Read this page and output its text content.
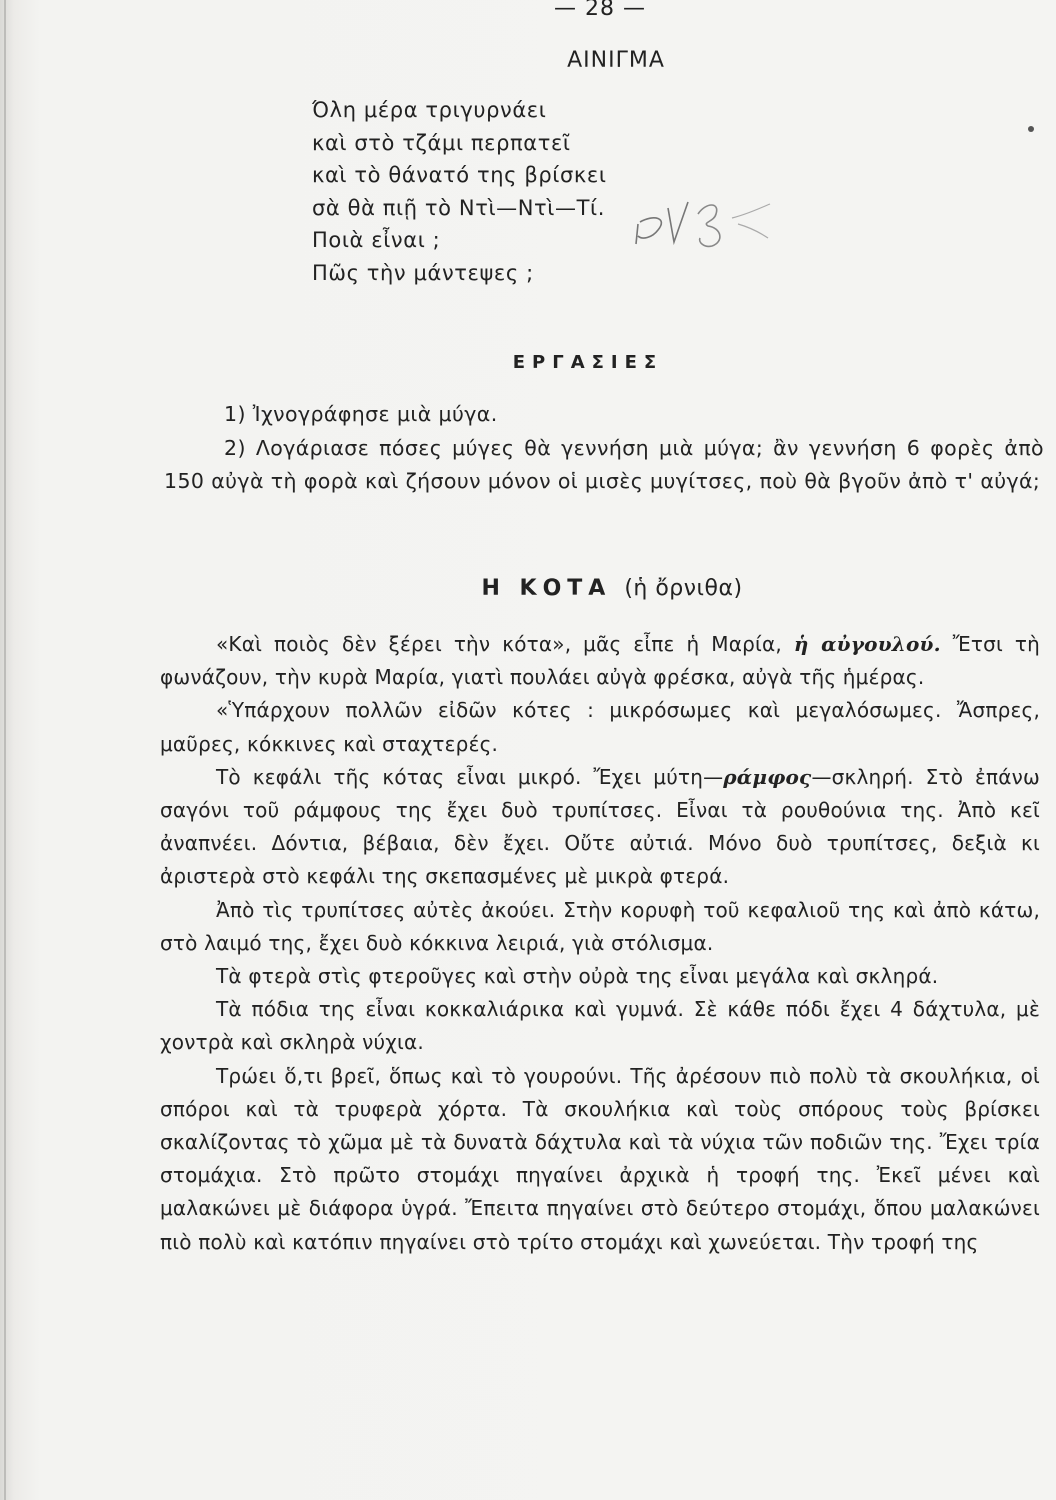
— 28 —
ΑΙΝΙΓΜΑ
Όλη μέρα τριγυρνάει
καὶ στὸ τζάμι περπατεῖ
καὶ τὸ θάνατό της βρίσκει
σὰ θὰ πιῇ τὸ Ντὶ—Ντὶ—Τί.
Ποιὰ εἶναι ;
Πῶς τὴν μάντεψες ;
ΕΡΓΑΣΙΕΣ
1) Ἰχνογράφησε μιὰ μύγα.
2) Λογάριασε πόσες μύγες θὰ γεννήση μιὰ μύγα; ἂν γεννήση 6 φορὲς ἀπὸ 150 αὐγὰ τὴ φορὰ καὶ ζήσουν μόνον οἱ μισὲς μυγίτσες, ποὺ θὰ βγοῦν ἀπὸ τ' αὐγά;
Η ΚΟΤΑ (ἡ ὄρνιθα)

«Καὶ ποιὸς δὲν ξέρει τὴν κότα», μᾶς εἶπε ἡ Μαρία, ἡ αὐγουλού. Ἔτσι τὴ φωνάζουν, τὴν κυρὰ Μαρία, γιατὶ πουλάει αὐγὰ φρέσκα, αὐγὰ τῆς ἡμέρας.

«Ὑπάρχουν πολλῶν εἰδῶν κότες : μικρόσωμες καὶ μεγαλόσωμες. Ἄσπρες, μαῦρες, κόκκινες καὶ σταχτερές.

Τὸ κεφάλι τῆς κότας εἶναι μικρό. Ἔχει μύτη—ράμφος—σκληρή. Στὸ ἐπάνω σαγόνι τοῦ ράμφους της ἔχει δυὸ τρυπίτσες. Εἶναι τὰ ρουθούνια της. Ἀπὸ κεῖ ἀναπνέει. Δόντια, βέβαια, δὲν ἔχει. Οὔτε αὐτιά. Μόνο δυὸ τρυπίτσες, δεξιὰ κι ἀριστερὰ στὸ κεφάλι της σκεπασμένες μὲ μικρὰ φτερά.

Ἀπὸ τὶς τρυπίτσες αὐτὲς ἀκούει. Στὴν κορυφὴ τοῦ κεφαλιοῦ της καὶ ἀπὸ κάτω, στὸ λαιμό της, ἔχει δυὸ κόκκινα λειριά, γιὰ στόλισμα.

Τὰ φτερὰ στὶς φτεροῦγες καὶ στὴν οὐρὰ της εἶναι μεγάλα καὶ σκληρά.

Τὰ πόδια της εἶναι κοκκαλιάρικα καὶ γυμνά. Σὲ κάθε πόδι ἔχει 4 δάχτυλα, μὲ χοντρὰ καὶ σκληρὰ νύχια.

Τρώει ὅ,τι βρεῖ, ὅπως καὶ τὸ γουρούνι. Τῆς ἀρέσουν πιὸ πολὺ τὰ σκουλήκια, οἱ σπόροι καὶ τὰ τρυφερὰ χόρτα. Τὰ σκουλήκια καὶ τοὺς σπόρους τοὺς βρίσκει σκαλίζοντας τὸ χῶμα μὲ τὰ δυνατὰ δάχτυλα καὶ τὰ νύχια τῶν ποδιῶν της. Ἔχει τρία στομάχια. Στὸ πρῶτο στομάχι πηγαίνει ἀρχικὰ ἡ τροφή της. Ἐκεῖ μένει καὶ μαλακώνει μὲ διάφορα ὑγρά. Ἔπειτα πηγαίνει στὸ δεύτερο στομάχι, ὅπου μαλακώνει πιὸ πολὺ καὶ κατόπιν πηγαίνει στὸ τρίτο στομάχι καὶ χωνεύεται. Τὴν τροφή της
